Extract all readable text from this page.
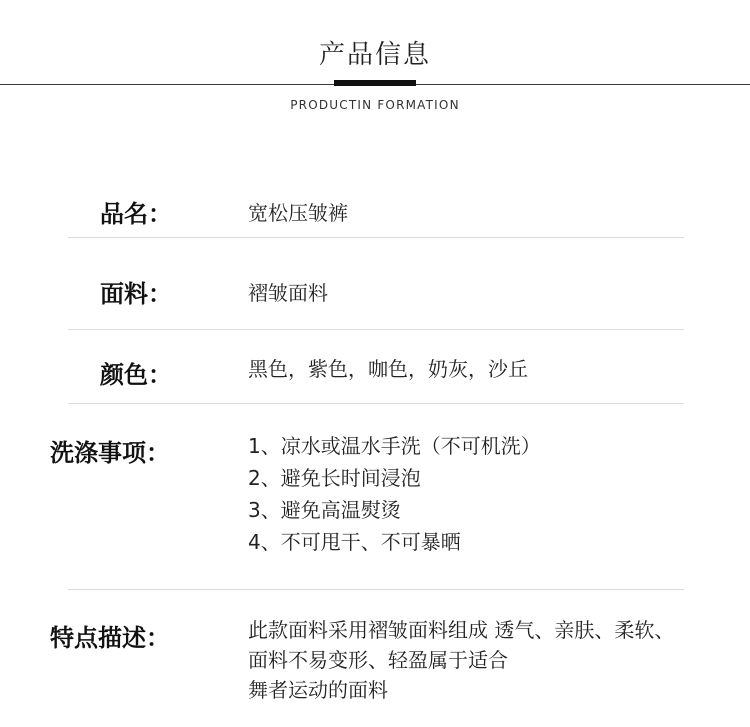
产品信息
PRODUCTIN FORMATION
品名：	宽松压皱裤
面料：	褶皱面料
颜色：	黑色，紫色，咖色，奶灰，沙丘
洗涤事项：	1、凉水或温水手洗（不可机洗）
2、避免长时间浸泡
3、避免高温熨烫
4、不可甩干、不可暴晒
特点描述：	此款面料采用褶皱面料组成 透气、亲肤、柔软、
面料不易变形、轻盈属于适合
舞者运动的面料
